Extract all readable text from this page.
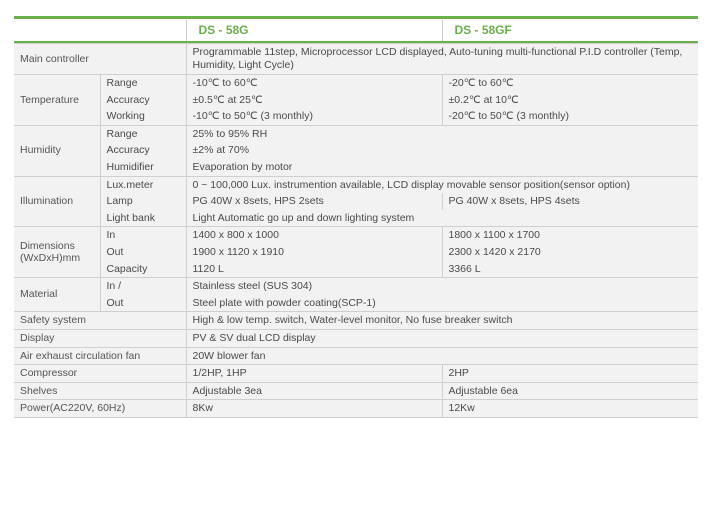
		DS - 58G	DS - 58GF

Main controller		Programmable 11step, Microprocessor LCD displayed, Auto-tuning multi-functional P.I.D controller (Temp, Humidity, Light Cycle)	
Temperature	Range	-10℃ to 60℃	-20℃ to 60℃
	Accuracy	±0.5℃ at 25℃	±0.2℃ at 10℃
	Working	-10℃ to 50℃ (3 monthly)	-20℃ to 50℃ (3 monthly)
Humidity	Range	25% to 95% RH	
	Accuracy	±2% at 70%	
	Humidifier	Evaporation by motor	
Illumination	Lux.meter	0 ~ 100,000 Lux. instrumention available, LCD display movable sensor position(sensor option)	
	Lamp	PG 40W x 8sets, HPS 2sets	PG 40W x 8sets, HPS 4sets
	Light bank	Light Automatic go up and down lighting system	

Dimensions
(WxDxH)mm	In	1400 x 800 x 1000	1800 x 1100 x 1700
	Out	1900 x 1120 x 1910	2300 x 1420 x 2170
	Capacity	1120 L	3366 L
Material	In /	Stainless steel (SUS 304)	
	Out	Steel plate with powder coating(SCP-1)	
Safety system		High & low temp. switch, Water-level monitor, No fuse breaker switch	
Display		PV & SV dual LCD display	
Air exhaust circulation fan		20W blower fan	
Compressor		1/2HP, 1HP	2HP
Shelves		Adjustable 3ea	Adjustable 6ea
Power(AC220V, 60Hz)		8Kw	12Kw
